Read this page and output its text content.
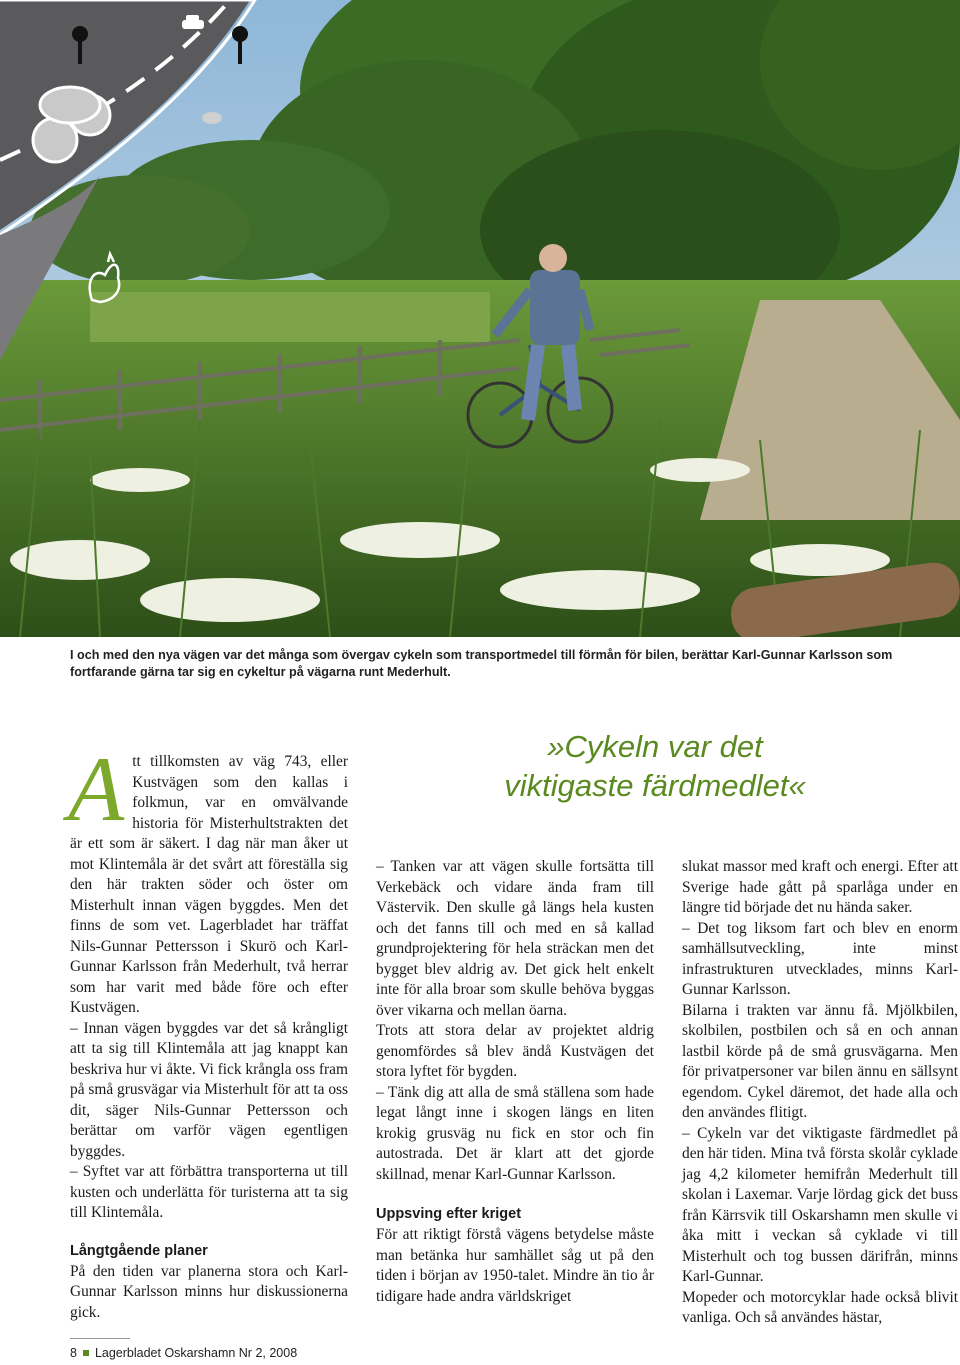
I och med den nya vägen var det många som övergav cykeln som transportmedel till förmån för bilen, berättar Karl-Gunnar Karlsson som fortfarande gärna tar sig en cykeltur på vägarna runt Mederhult.

»Cykeln var det viktigaste färdmedlet«

A tt tillkomsten av väg 743, eller Kustvägen som den kallas i folkmun, var en omvälvande historia för Misterhultstrakten det är ett som är säkert. I dag när man åker ut mot Klintemåla är det svårt att föreställa sig den här trakten söder och öster om Misterhult innan vägen byggdes. Men det finns de som vet. Lagerbladet har träffat Nils-Gunnar Pettersson i Skurö och Karl-Gunnar Karlsson från Mederhult, två herrar som har varit med både före och efter Kustvägen.

– Innan vägen byggdes var det så krångligt att ta sig till Klintemåla att jag knappt kan beskriva hur vi åkte. Vi fick krångla oss fram på små grusvägar via Misterhult för att ta oss dit, säger Nils-Gunnar Pettersson och berättar om varför vägen egentligen byggdes.

– Syftet var att förbättra transporterna ut till kusten och underlätta för turisterna att ta sig till Klintemåla.

Långtgående planer

På den tiden var planerna stora och Karl-Gunnar Karlsson minns hur diskussionerna gick.

– Tanken var att vägen skulle fortsätta till Verkebäck och vidare ända fram till Västervik. Den skulle gå längs hela kusten och det fanns till och med en så kallad grundprojektering för hela sträckan men det bygget blev aldrig av. Det gick helt enkelt inte för alla broar som skulle behöva byggas över vikarna och mellan öarna.

Trots att stora delar av projektet aldrig genomfördes så blev ändå Kustvägen det stora lyftet för bygden.

– Tänk dig att alla de små ställena som hade legat långt inne i skogen längs en liten krokig grusväg nu fick en stor och fin autostrada. Det är klart att det gjorde skillnad, menar Karl-Gunnar Karlsson.

Uppsving efter kriget

För att riktigt förstå vägens betydelse måste man betänka hur samhället såg ut på den tiden i början av 1950-talet. Mindre än tio år tidigare hade andra världskriget

slukat massor med kraft och energi. Efter att Sverige hade gått på sparlåga under en längre tid började det nu hända saker.

– Det tog liksom fart och blev en enorm samhällsutveckling, inte minst infrastrukturen utvecklades, minns Karl-Gunnar Karlsson.

Bilarna i trakten var ännu få. Mjölkbilen, skolbilen, postbilen och så en och annan lastbil körde på de små grusvägarna. Men för privatpersoner var bilen ännu en sällsynt egendom. Cykel däremot, det hade alla och den användes flitigt.

– Cykeln var det viktigaste färdmedlet på den här tiden. Mina två första skolår cyklade jag 4,2 kilometer hemifrån Mederhult till skolan i Laxemar. Varje lördag gick det buss från Kärrsvik till Oskarshamn men skulle vi åka mitt i veckan så cyklade vi till Misterhult och tog bussen därifrån, minns Karl-Gunnar.

Mopeder och motorcyklar hade också blivit vanliga. Och så användes hästar,

8 Lagerbladet Oskarshamn Nr 2, 2008
